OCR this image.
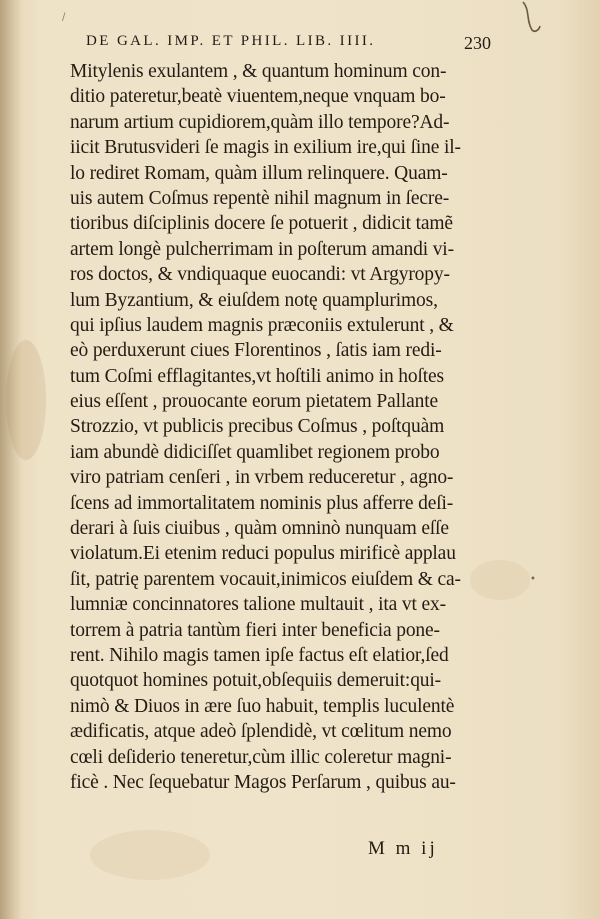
/
DE GAL. IMP. ET PHIL. LIB. IIII.	230
Mitylenis exulantem , & quantum hominum con-
ditio pateretur,beatè viuentem,neque vnquam bo-
narum artium cupidiorem,quàm illo tempore?Ad-
iicit Brutusvideri ſe magis in exilium ire,qui ſine il-
lo rediret Romam, quàm illum relinquere. Quam-
uis autem Coſmus repentè nihil magnum in ſecre-
tioribus diſciplinis docere ſe potuerit , didicit tamẽ
artem longè pulcherrimam in poſterum amandi vi-
ros doctos, & vndiquaque euocandi: vt Argyropy-
lum Byzantium, & eiuſdem notę quamplurimos,
qui ipſius laudem magnis præconiis extulerunt , &
eò perduxerunt ciues Florentinos , ſatis iam redi-
tum Coſmi efflagitantes,vt hoſtili animo in hoſtes
eius eſſent , prouocante eorum pietatem Pallante
Strozzio, vt publicis precibus Coſmus , poſtquàm
iam abundè didiciſſet quamlibet regionem probo
viro patriam cenſeri , in vrbem reduceretur , agno-
ſcens ad immortalitatem nominis plus afferre deſi-
derari à ſuis ciuibus , quàm omninò nunquam eſſe
violatum.Ei etenim reduci populus mirificè applau
ſit, patrię parentem vocauit,inimicos eiuſdem & ca-
lumniæ concinnatores talione multauit , ita vt ex-
torrem à patria tantùm fieri inter beneficia pone-
rent. Nihilo magis tamen ipſe factus eſt elatior,ſed
quotquot homines potuit,obſequiis demeruit:qui-
nimò & Diuos in ære ſuo habuit, templis luculentè
ædificatis, atque adeò ſplendidè, vt cœlitum nemo
cœli deſiderio teneretur,cùm illic coleretur magni-
ficè . Nec ſequebatur Magos Perſarum , quibus au-
•
M m ij
